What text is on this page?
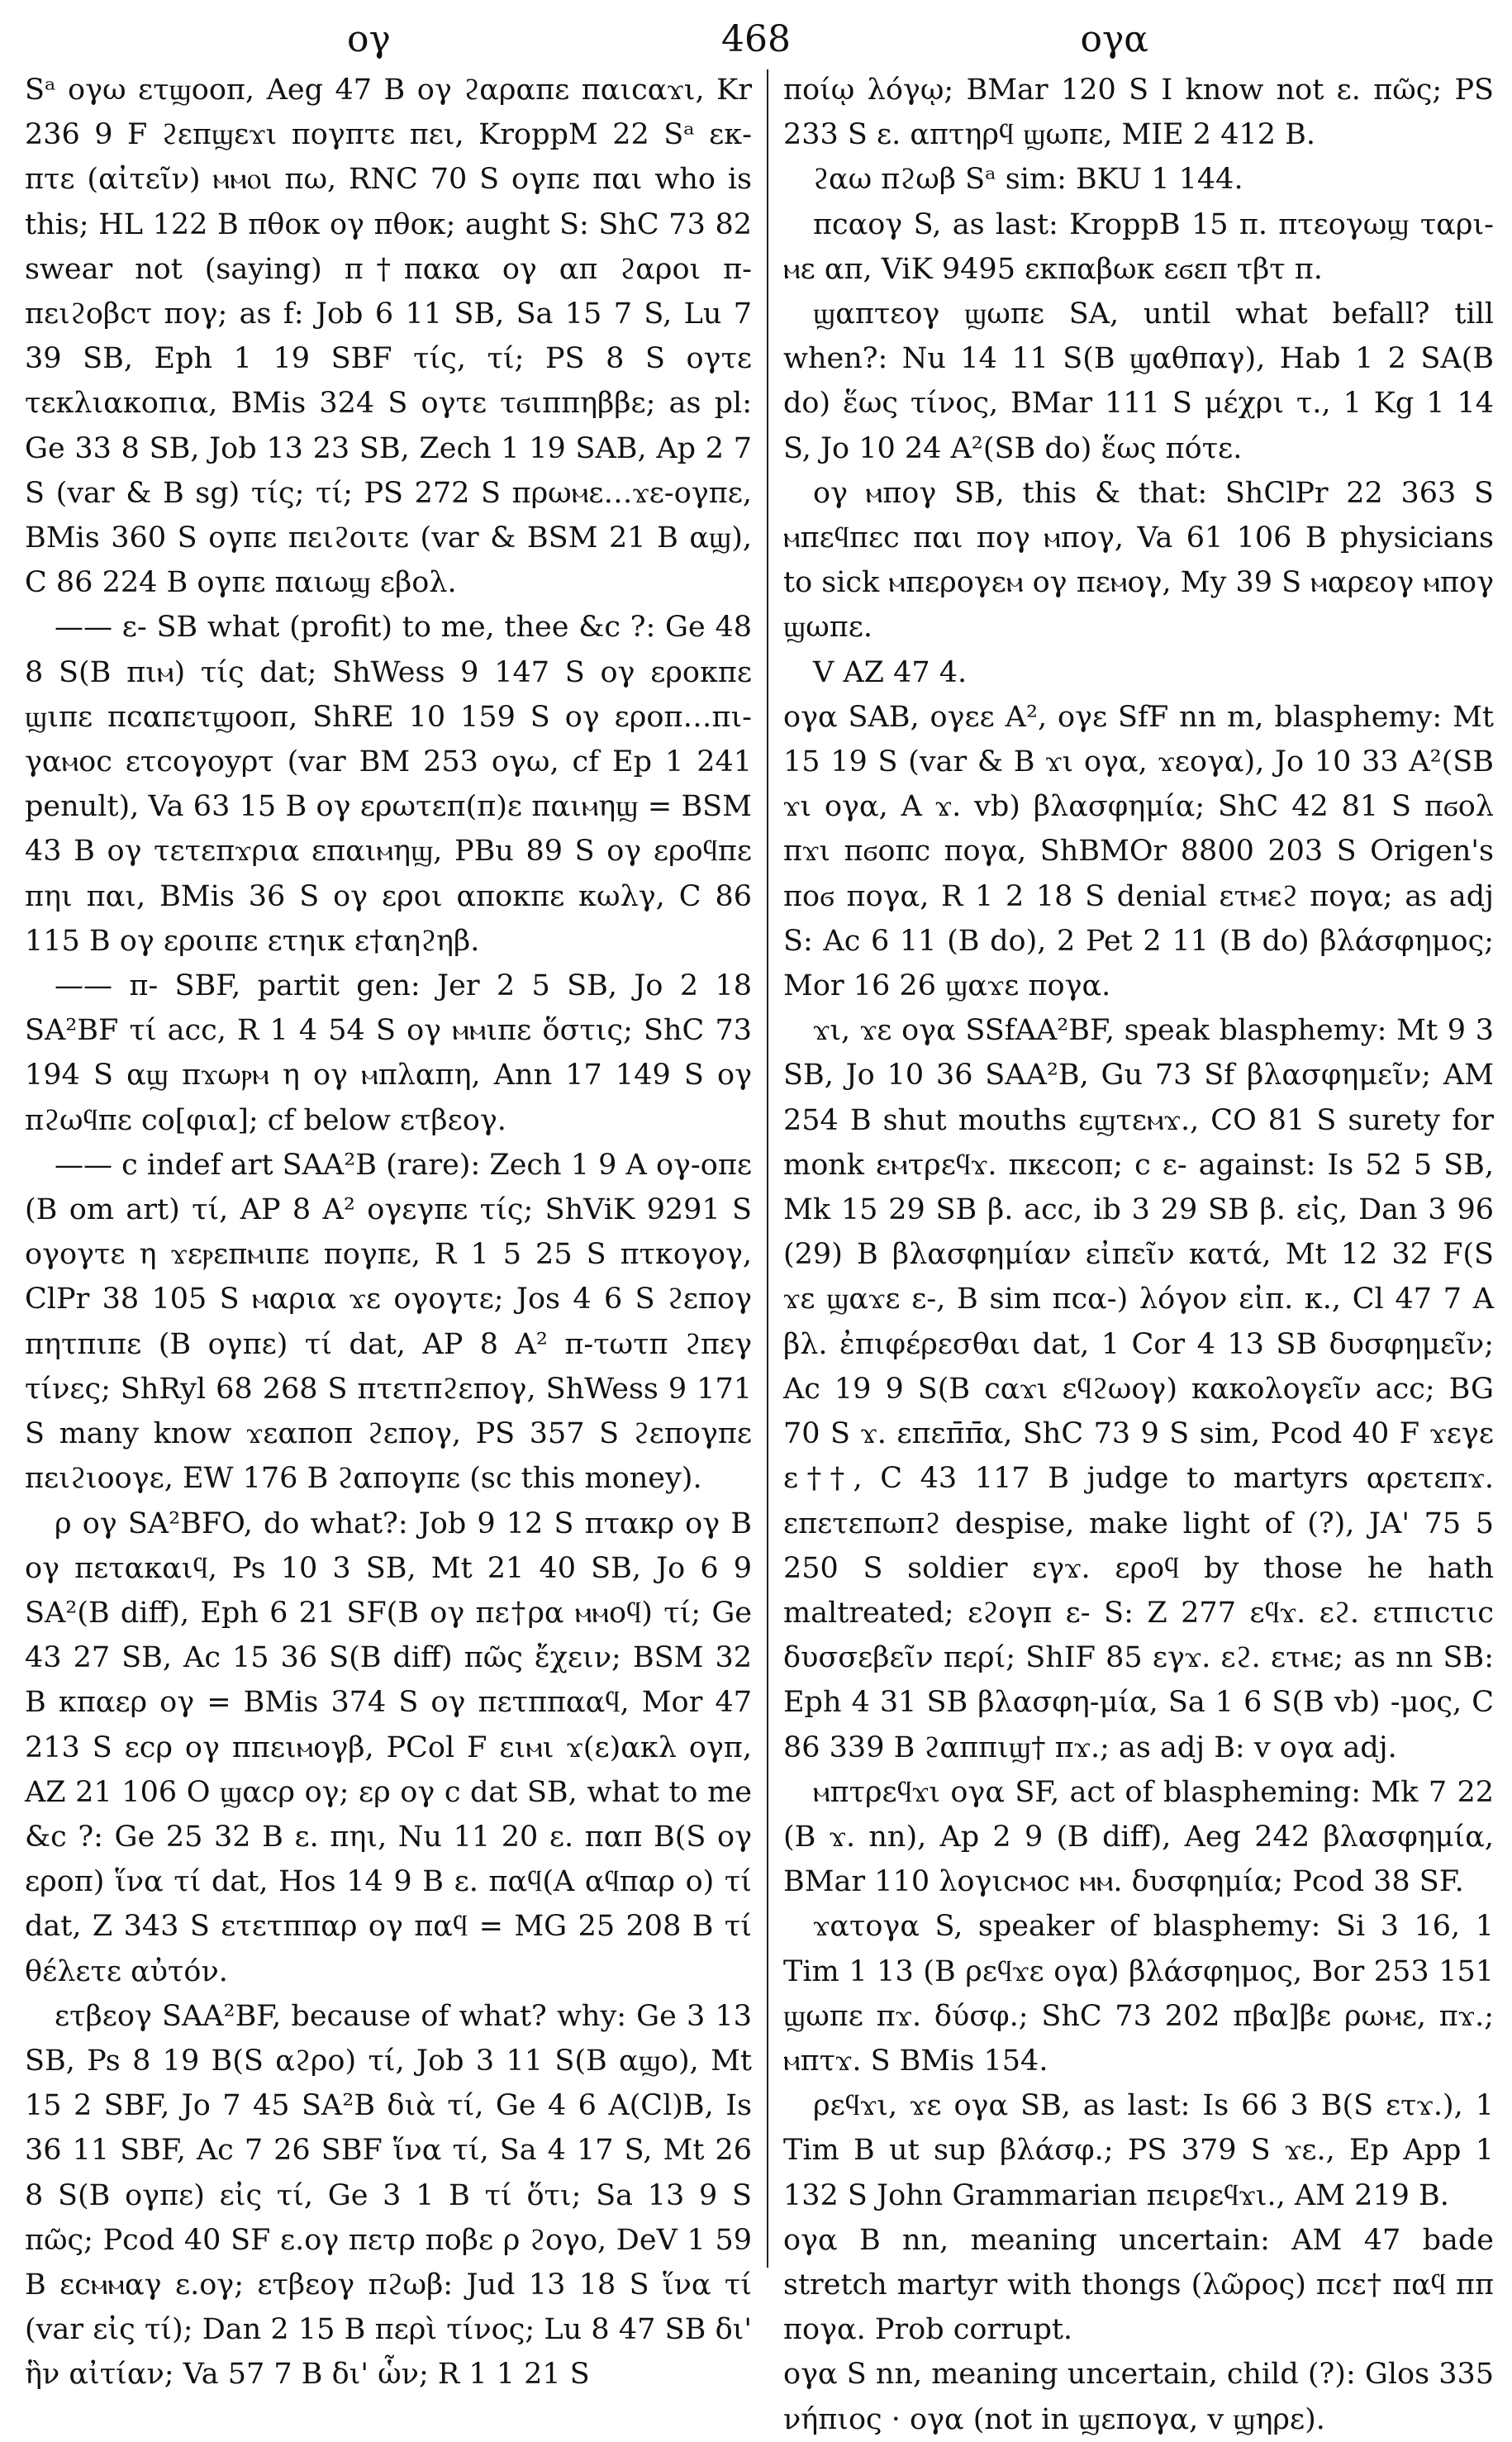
468
ογ	ογα

Sᵃ ογω ετϣοοπ, Aeg 47 B ογ ϩαραπε παιcαϫι, Kr 236 9 F ϩεπϣεϫι πογπτε πει, KroppM 22 Sᵃ εκ-πτε (αἰτεῖν) ⲙⲙⲟι πω, RNC 70 S ογπε παι who is this; HL 122 B πθοκ ογ πθοκ; aught S: ShC 73 82 swear not (saying) π†πακα ογ απ ϩαροι π-πειϩοβcτ πογ; as f: Job 6 11 SB, Sa 15 7 S, Lu 7 39 SB, Eph 1 19 SBF τίς, τί; PS 8 S ογτε τεκλιακοπια, BMis 324 S ογτε τϭιππηββε; as pl: Ge 33 8 SB, Job 13 23 SB, Zech 1 19 SAB, Ap 2 7 S (var & B sg) τίς; τί; PS 272 S πρωⲙε…ϫε-ογπε, BMis 360 S ογπε πειϩοιτε (var & BSM 21 B αϣ), C 86 224 B ογπε παιωϣ εβολ.

—— ε- SB what (profit) to me, thee &c ?: Ge 48 8 S(B πιⲙ) τίς dat; ShWess 9 147 S ογ ερoκπε ϣιπε πcαπετϣοοπ, ShRE 10 159 S ογ εροπ…πι-γαⲙοc ετcογοyρτ (var BM 253 ογω, cf Ep 1 241 penult), Va 63 15 B ογ ερωτεπ(π)ε παιⲙηϣ = BSM 43 B ογ τετεπϫρια επαιⲙηϣ, PBu 89 S ογ εροϥπε πηι παι, BMis 36 S ογ εροι αποκπε κωλγ, C 86 115 B ογ εροιπε ετηικ ε†αηϩηβ.

—— π- SBF, partit gen: Jer 2 5 SB, Jo 2 18 SA²BF τί acc, R 1 4 54 S ογ ⲙⲙιπε ὅστις; ShC 73 194 S αϣ πϫωⲣⲙ η ογ ⲙπλαπη, Ann 17 149 S ογ πϩωϥπε cο[φια]; cf below ετβεογ.

—— c indef art SAA²B (rare): Zech 1 9 A ογ-οπε (B om art) τί, AP 8 A² ογεγπε τίς; ShViK 9291 S ογογτε η ϫεⲣεπⲙιπε πογπε, R 1 5 25 S πτκογογ, ClPr 38 105 S ⲙαρια ϫε ογογτε; Jos 4 6 S ϩεπογ πητπιπε (B ογπε) τί dat, AP 8 A² π-τωτπ ϩπεγ τίνες; ShRyl 68 268 S πτετπϩεπογ, ShWess 9 171 S many know ϫεαποπ ϩεπογ, PS 357 S ϩεπογπε πειϩιοογε, EW 176 B ϩαπογπε (sc this money).

ρ ογ SA²BFO, do what?: Job 9 12 S πτακρ ογ B ογ πεταкαιϥ, Ps 10 3 SB, Mt 21 40 SB, Jo 6 9 SA²(B diff), Eph 6 21 SF(B ογ πε†ρα ⲙⲙοϥ) τί; Ge 43 27 SB, Ac 15 36 S(B diff) πῶς ἔχειν; BSM 32 B κπαερ ογ = BMis 374 S ογ πετππααϥ, Mor 47 213 S εcρ ογ ππειⲙογβ, PCol F ειⲙι ϫ(ε)ακλ ογπ, AZ 21 106 O ϣαcρ ογ; ερ ογ c dat SB, what to me &c ?: Ge 25 32 B ε. πηι, Nu 11 20 ε. παπ B(S ογ εροπ) ἵνα τί dat, Hos 14 9 B ε. παϥ(A αϥπαρ ο) τί dat, Z 343 S ετετππαρ ογ παϥ = MG 25 208 B τί θέλετε αὐτόν.

ετβεογ SAA²BF, because of what? why: Ge 3 13 SB, Ps 8 19 B(S αϩρο) τί, Job 3 11 S(B αϣο), Mt 15 2 SBF, Jo 7 45 SA²B διὰ τί, Ge 4 6 A(Cl)B, Is 36 11 SBF, Ac 7 26 SBF ἵνα τί, Sa 4 17 S, Mt 26 8 S(B ογπε) εἰς τί, Ge 3 1 B τί ὅτι; Sa 13 9 S πῶς; Pcod 40 SF ε.ογ πετρ ποβε ρ ϩογο, DeV 1 59 B εcⲙⲙαγ ε.ογ; ετβεογ πϩωβ: Jud 13 18 S ἵνα τί (var εἰς τί); Dan 2 15 B περὶ τίνος; Lu 8 47 SB δι' ἣν αἰτίαν; Va 57 7 B δι' ὧν; R 1 1 21 S

ποίῳ λόγῳ; BMar 120 S I know not ε. πῶς; PS 233 S ε. απτηρϥ ϣωπε, MIE 2 412 B.

ϩαω πϩωβ Sᵃ sim: BKU 1 144.

πcαογ S, as last: KroppB 15 π. πτεογωϣ ταρι-ⲙε απ, ViK 9495 εκπαβωκ εϭεπ τβτ π.

ϣαπτεογ ϣωπε SA, until what befall? till when?: Nu 14 11 S(B ϣαθπαγ), Hab 1 2 SA(B do) ἕως τίνος, BMar 111 S μέχρι τ., 1 Kg 1 14 S, Jo 10 24 A²(SB do) ἕως πότε.

ογ ⲙπογ SB, this & that: ShClPr 22 363 S ⲙπεϥπεc παι πογ ⲙπογ, Va 61 106 B physicians to sick ⲙπερογεⲙ ογ πεⲙογ, My 39 S ⲙαρεογ ⲙπογ ϣωπε.

V AZ 47 4.

ογα SAB, ογεε A², ογε SfF nn m, blasphemy: Mt 15 19 S (var & B ϫι ογα, ϫεογα), Jo 10 33 A²(SB ϫι ογα, A ϫ. vb) βλασφημία; ShC 42 81 S πϭολ πϫι πϭοπc πογα, ShBMOr 8800 203 S Origen's ποϭ πογα, R 1 2 18 S denial ετⲙεϩ πογα; as adj S: Ac 6 11 (B do), 2 Pet 2 11 (B do) βλάσφημος; Mor 16 26 ϣαϫε πογα.

ϫι, ϫε ογα SSfAA²BF, speak blasphemy: Mt 9 3 SB, Jo 10 36 SAA²B, Gu 73 Sf βλασφημεῖν; AM 254 B shut mouths εϣτεⲙϫ., CO 81 S surety for monk εⲙτρεϥϫ. πκεcοπ; c ε- against: Is 52 5 SB, Mk 15 29 SB β. acc, ib 3 29 SB β. εἰς, Dan 3 96 (29) B βλασφημίαν εἰπεῖν κατά, Mt 12 32 F(S ϫε ϣαϫε ε-, B sim πcα-) λόγον εἰπ. κ., Cl 47 7 A βλ. ἐπιφέρεσθαι dat, 1 Cor 4 13 SB δυσφημεῖν; Ac 19 9 S(B cαϫι εϥϩωογ) κακολογεῖν acc; BG 70 S ϫ. επεπ̄π̄α, ShC 73 9 S sim, Pcod 40 F ϫεγε ε††, C 43 117 B judge to martyrs αρετεπϫ. επετεπωπϩ despise, make light of (?), JA' 75 5 250 S soldier εγϫ. εροϥ by those he hath maltreated; εϩογπ ε- S: Z 277 εϥϫ. εϩ. ετπιcτιc δυσσεβεῖν περί; ShIF 85 εγϫ. εϩ. ετⲙε; as nn SB: Eph 4 31 SB βλασφη-μία, Sa 1 6 S(B vb) -μος, C 86 339 B ϩαππιϣ† πϫ.; as adj B: v ογα adj.

ⲙπτρεϥϫι ογα SF, act of blaspheming: Mk 7 22 (B ϫ. nn), Ap 2 9 (B diff), Aeg 242 βλασφημία, BMar 110 λογιcⲙοc ⲙⲙ. δυσφημία; Pcod 38 SF.

ϫατογα S, speaker of blasphemy: Si 3 16, 1 Tim 1 13 (B ρεϥϫε ογα) βλάσφημος, Bor 253 151 ϣωπε πϫ. δύσφ.; ShC 73 202 πβα]βε ρωⲙε, πϫ.; ⲙπτϫ. S BMis 154.

ρεϥϫι, ϫε ογα SB, as last: Is 66 3 B(S ετϫ.), 1 Tim B ut sup βλάσφ.; PS 379 S ϫε., Ep App 1 132 S John Grammarian πειρεϥϫι., AM 219 B.

ογα B nn, meaning uncertain: AM 47 bade stretch martyr with thongs (λῶρος) πcε† παϥ ππ πογα. Prob corrupt.

ογα S nn, meaning uncertain, child (?): Glos 335 νήπιος · ογα (not in ϣεπογα, v ϣηρε).
